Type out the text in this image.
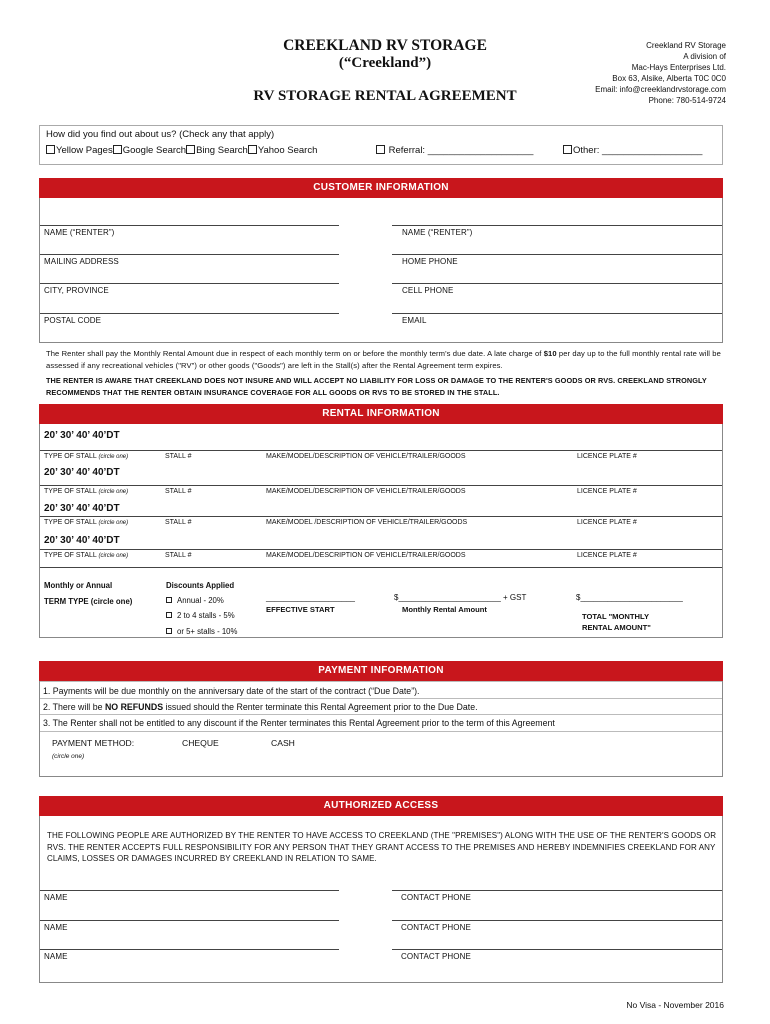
CREEKLAND RV STORAGE
(“Creekland”)
RV STORAGE RENTAL AGREEMENT
Creekland RV Storage
A division of
Mac-Hays Enterprises Ltd.
Box 63, Alsike, Alberta T0C 0C0
Email: info@creeklandrvstorage.com
Phone: 780-514-9724
How did you find out about us? (Check any that apply)
Yellow Pages Google Search Bing Search Yahoo Search	Referral: ____________________	Other: ___________________
CUSTOMER INFORMATION
NAME (“RENTER”)	NAME (“RENTER”)
MAILING ADDRESS	HOME PHONE
CITY, PROVINCE	CELL PHONE
POSTAL CODE	EMAIL
The Renter shall pay the Monthly Rental Amount due in respect of each monthly term on or before the monthly term's due date. A late charge of $10 per day up to the full monthly rental rate will be assessed if any recreational vehicles ("RV") or other goods ("Goods") are left in the Stall(s) after the Rental Agreement term expires.
THE RENTER IS AWARE THAT CREEKLAND DOES NOT INSURE AND WILL ACCEPT NO LIABILITY FOR LOSS OR DAMAGE TO THE RENTER'S GOODS OR RVS. CREEKLAND STRONGLY RECOMMENDS THAT THE RENTER OBTAIN INSURANCE COVERAGE FOR ALL GOODS OR RVS TO BE STORED IN THE STALL.
RENTAL INFORMATION
20’ 30’ 40’ 40’DT
TYPE OF STALL (circle one)	STALL #	MAKE/MODEL/DESCRIPTION OF VEHICLE/TRAILER/GOODS	LICENCE PLATE #
20’ 30’ 40’ 40’DT
TYPE OF STALL (circle one)	STALL #	MAKE/MODEL/DESCRIPTION OF VEHICLE/TRAILER/GOODS	LICENCE PLATE #
20’ 30’ 40’ 40’DT
TYPE OF STALL (circle one)	STALL #	MAKE/MODEL /DESCRIPTION OF VEHICLE/TRAILER/GOODS	LICENCE PLATE #
20’ 30’ 40’ 40’DT
TYPE OF STALL (circle one)	STALL #	MAKE/MODEL/DESCRIPTION OF VEHICLE/TRAILER/GOODS	LICENCE PLATE #
Monthly or Annual
TERM TYPE (circle one)
Discounts Applied
Annual - 20%
2 to 4 stalls - 5%
or 5+ stalls - 10%
____________________
EFFECTIVE START
$_______________________ + GST
Monthly Rental Amount
$_______________________
TOTAL "MONTHLY
RENTAL AMOUNT"
PAYMENT INFORMATION
1. Payments will be due monthly on the anniversary date of the start of the contract (“Due Date”).
2. There will be NO REFUNDS issued should the Renter terminate this Rental Agreement prior to the Due Date.
3. The Renter shall not be entitled to any discount if the Renter terminates this Rental Agreement prior to the term of this Agreement
PAYMENT METHOD:	CHEQUE	CASH
(circle one)
AUTHORIZED ACCESS
THE FOLLOWING PEOPLE ARE AUTHORIZED BY THE RENTER TO HAVE ACCESS TO CREEKLAND (THE "PREMISES") ALONG WITH THE USE OF THE RENTER'S GOODS OR RVS. THE RENTER ACCEPTS FULL RESPONSIBILITY FOR ANY PERSON THAT THEY GRANT ACCESS TO THE PREMISES AND HEREBY INDEMNIFIES CREEKLAND FOR ANY CLAIMS, LOSSES OR DAMAGES INCURRED BY CREEKLAND IN RELATION TO SAME.
NAME	CONTACT PHONE
NAME	CONTACT PHONE
NAME	CONTACT PHONE
No Visa - November 2016
